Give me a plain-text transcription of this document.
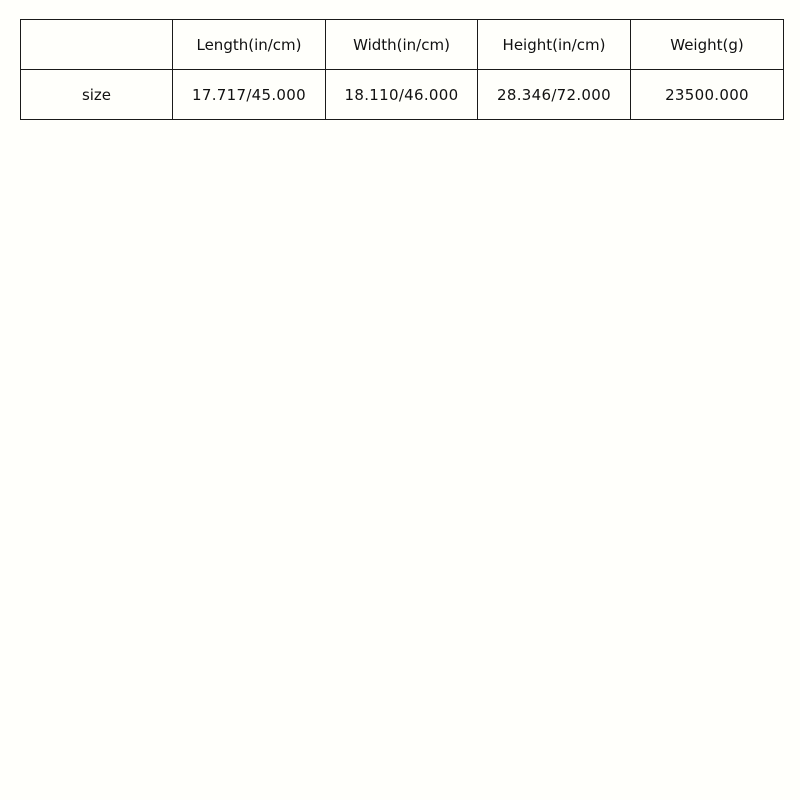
	Length(in/cm)	Width(in/cm)	Height(in/cm)	Weight(g)
size	17.717/45.000	18.110/46.000	28.346/72.000	23500.000
